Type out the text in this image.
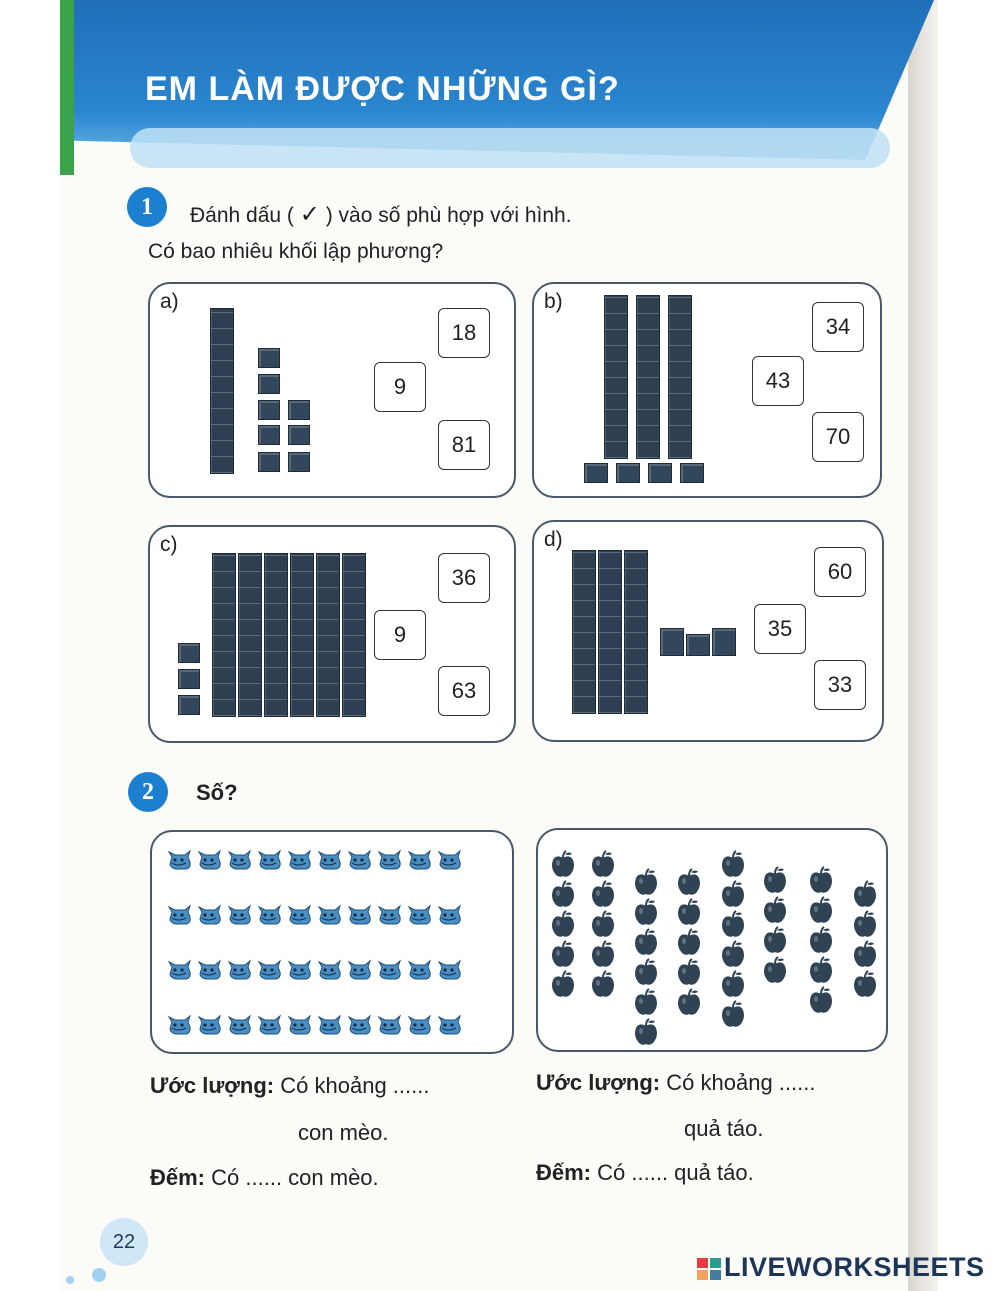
EM LÀM ĐƯỢC NHỮNG GÌ?
1	Đánh dấu ( ✓ ) vào số phù hợp với hình.
Có bao nhiêu khối lập phương?
a)	b)
c)	d)
18
9
81
34
43
70
36
9
63
60
35
33
2	Số?
Ước lượng: Có khoảng ......
con mèo.
Đếm: Có ...... con mèo.
Ước lượng: Có khoảng ......
quả táo.
Đếm: Có ...... quả táo.
22
LIVEWORKSHEETS
